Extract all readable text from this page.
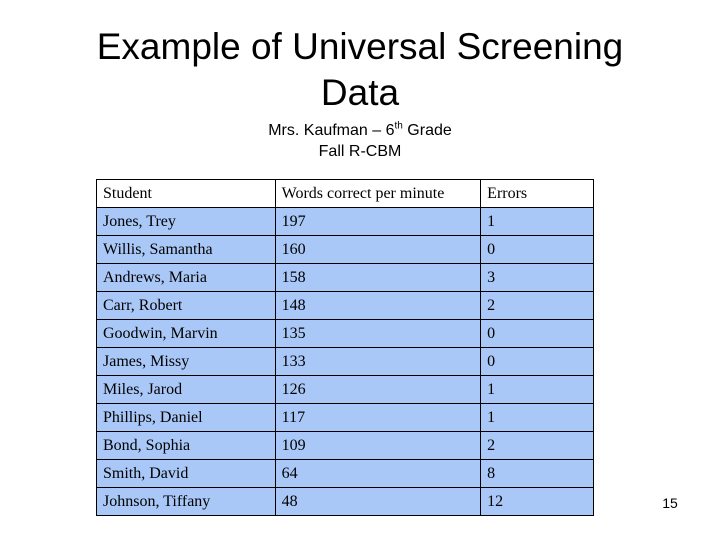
Example of Universal Screening
Data
Mrs. Kaufman – 6th Grade
Fall R-CBM
Student	Words correct per minute	Errors
Jones, Trey	197	1
Willis, Samantha	160	0
Andrews, Maria	158	3
Carr, Robert	148	2
Goodwin, Marvin	135	0
James, Missy	133	0
Miles, Jarod	126	1
Phillips, Daniel	117	1
Bond, Sophia	109	2
Smith, David	64	8
Johnson, Tiffany	48	12	15
